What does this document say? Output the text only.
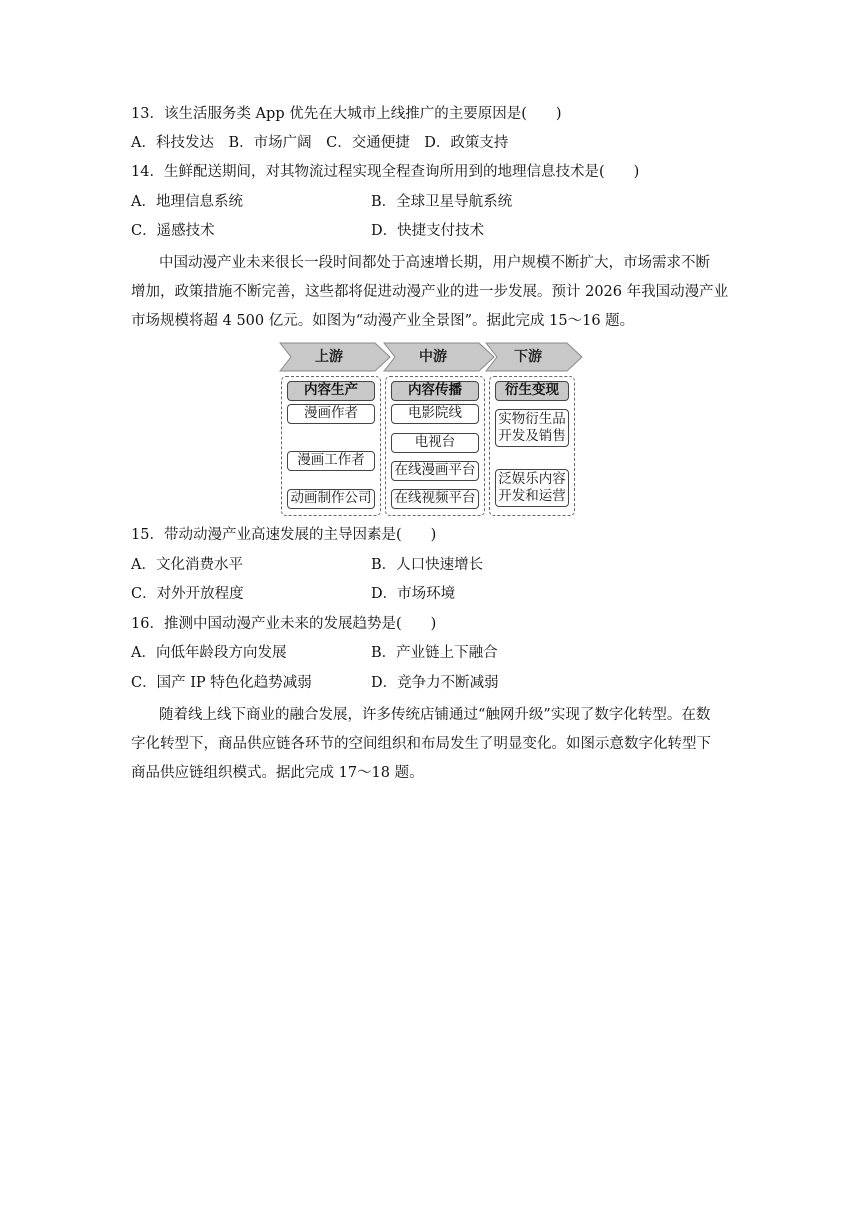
13．该生活服务类 App 优先在大城市上线推广的主要原因是(　　)
A．科技发达　B．市场广阔　C．交通便捷　D．政策支持
14．生鲜配送期间，对其物流过程实现全程查询所用到的地理信息技术是(　　)
A．地理信息系统	B．全球卫星导航系统
C．遥感技术	D．快捷支付技术
中国动漫产业未来很长一段时间都处于高速增长期，用户规模不断扩大，市场需求不断
增加，政策措施不断完善，这些都将促进动漫产业的进一步发展。预计 2026 年我国动漫产业
市场规模将超 4 500 亿元。如图为“动漫产业全景图”。据此完成 15～16 题。
上游	中游	下游
内容生产
漫画作者
漫画工作者
动画制作公司
内容传播
电影院线
电视台
在线漫画平台
在线视频平台
衍生变现
实物衍生品
开发及销售
泛娱乐内容
开发和运营
15．带动动漫产业高速发展的主导因素是(　　)
A．文化消费水平	B．人口快速增长
C．对外开放程度	D．市场环境
16．推测中国动漫产业未来的发展趋势是(　　)
A．向低年龄段方向发展	B．产业链上下融合
C．国产 IP 特色化趋势减弱	D．竞争力不断减弱
随着线上线下商业的融合发展，许多传统店铺通过“触网升级”实现了数字化转型。在数
字化转型下，商品供应链各环节的空间组织和布局发生了明显变化。如图示意数字化转型下
商品供应链组织模式。据此完成 17～18 题。
